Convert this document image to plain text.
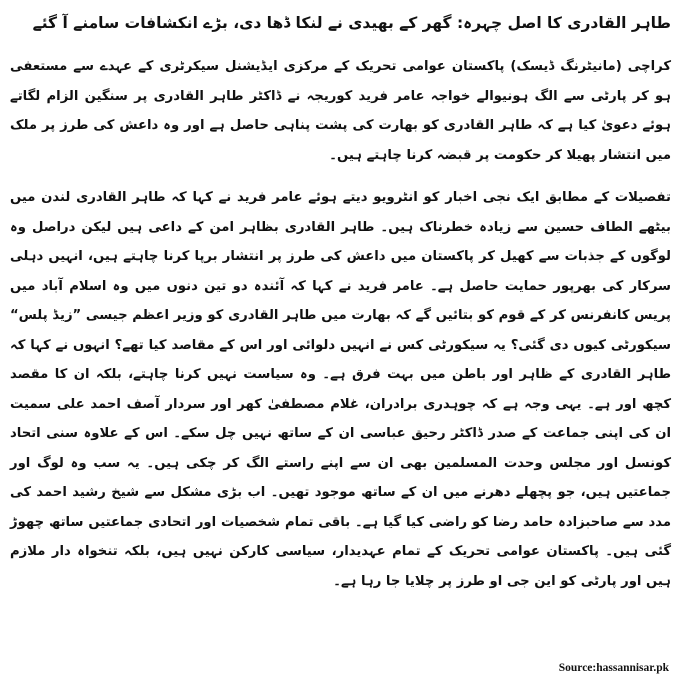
طاہر القادری کا اصل چہرہ: گھر کے بھیدی نے لنکا ڈھا دی، بڑے انکشافات سامنے آ گئے
کراچی (مانیٹرنگ ڈیسک) پاکستان عوامی تحریک کے مرکزی ایڈیشنل سیکرٹری کے عہدے سے مستعفی ہو کر پارٹی سے الگ ہونیوالے خواجہ عامر فرید کوریجہ نے ڈاکٹر طاہر القادری پر سنگین الزام لگاتے ہوئے دعویٰ کیا ہے کہ طاہر القادری کو بھارت کی پشت پناہی حاصل ہے اور وہ داعش کی طرز پر ملک میں انتشار پھیلا کر حکومت پر قبضہ کرنا چاہتے ہیں۔
تفصیلات کے مطابق ایک نجی اخبار کو انٹرویو دیتے ہوئے عامر فرید نے کہا کہ طاہر القادری لندن میں بیٹھے الطاف حسین سے زیادہ خطرناک ہیں۔ طاہر القادری بظاہر امن کے داعی ہیں لیکن دراصل وہ لوگوں کے جذبات سے کھیل کر پاکستان میں داعش کی طرز پر انتشار برپا کرنا چاہتے ہیں، انہیں دہلی سرکار کی بھرپور حمایت حاصل ہے۔ عامر فرید نے کہا کہ آئندہ دو تین دنوں میں وہ اسلام آباد میں پریس کانفرنس کر کے قوم کو بتائیں گے کہ بھارت میں طاہر القادری کو وزیر اعظم جیسی ”زیڈ پلس“ سیکورٹی کیوں دی گئی؟ یہ سیکورٹی کس نے انہیں دلوائی اور اس کے مقاصد کیا تھے؟ انہوں نے کہا کہ طاہر القادری کے ظاہر اور باطن میں بہت فرق ہے۔ وہ سیاست نہیں کرنا چاہتے، بلکہ ان کا مقصد کچھ اور ہے۔ یہی وجہ ہے کہ چوہدری برادران، غلام مصطفیٰ کھر اور سردار آصف احمد علی سمیت ان کی اپنی جماعت کے صدر ڈاکٹر رحیق عباسی ان کے ساتھ نہیں چل سکے۔ اس کے علاوہ سنی اتحاد کونسل اور مجلس وحدت المسلمین بھی ان سے اپنے راستے الگ کر چکی ہیں۔ یہ سب وہ لوگ اور جماعتیں ہیں، جو پچھلے دھرنے میں ان کے ساتھ موجود تھیں۔ اب بڑی مشکل سے شیخ رشید احمد کی مدد سے صاحبزادہ حامد رضا کو راضی کیا گیا ہے۔ باقی تمام شخصیات اور اتحادی جماعتیں ساتھ چھوڑ گئی ہیں۔ پاکستان عوامی تحریک کے تمام عہدیدار، سیاسی کارکن نہیں ہیں، بلکہ تنخواہ دار ملازم ہیں اور پارٹی کو این جی او طرز پر چلایا جا رہا ہے۔
Source:hassannisar.pk
